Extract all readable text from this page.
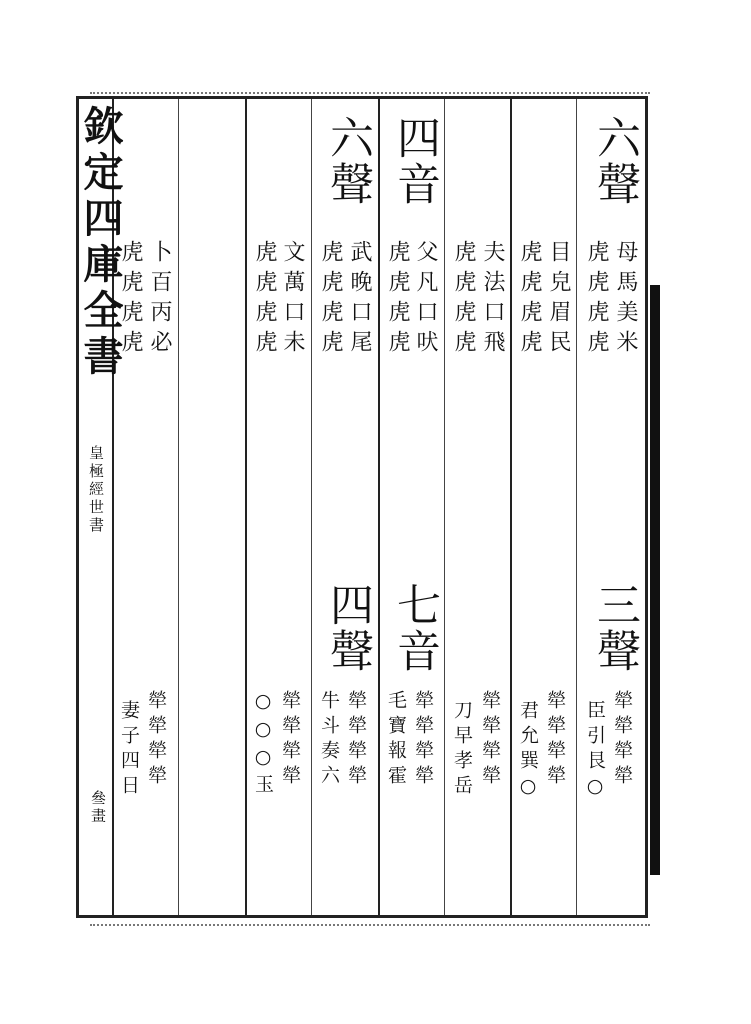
欽定四庫全書
皇極經世書
叄畫
六聲
母馬美米
虎虎虎虎
三聲
犖犖犖犖
臣引艮○
目皃眉民
虎虎虎虎
犖犖犖犖
君允巽○
夫法口飛
虎虎虎虎
犖犖犖犖
刀早孝岳
四音
父凡口吠
虎虎虎虎
七音
犖犖犖犖
毛寶報霍
六聲
武晚口尾
虎虎虎虎
四聲
犖犖犖犖
牛斗奏六
文萬口未
虎虎虎虎
犖犖犖犖
○○○玉
卜百丙必
虎虎虎虎
犖犖犖犖
妻子四日
